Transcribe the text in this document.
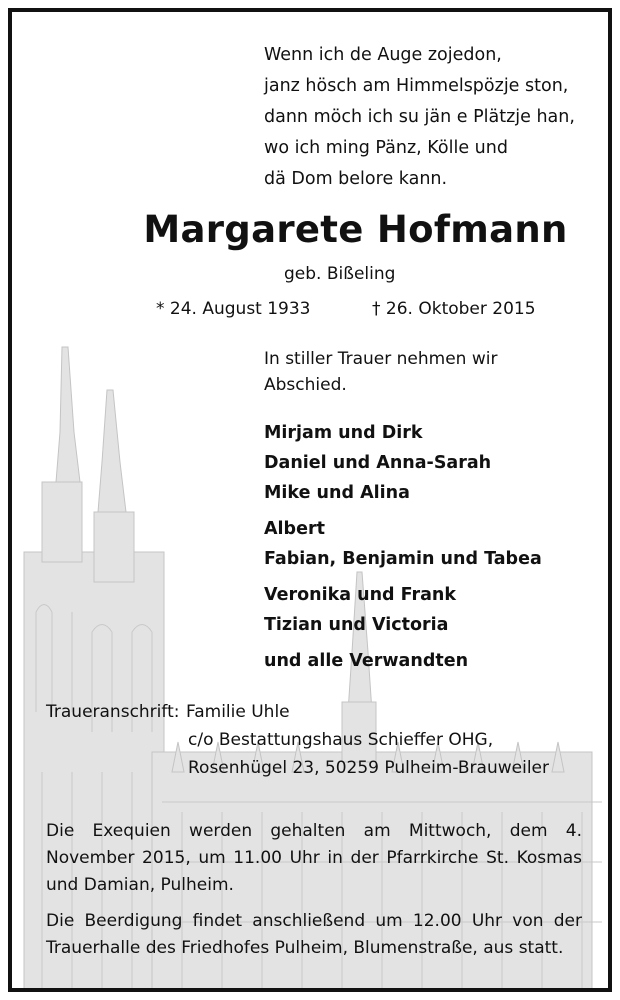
Wenn ich de Auge zojedon,
janz hösch am Himmelspözje ston,
dann möch ich su jän e Plätzje han,
wo ich ming Pänz, Kölle und
dä Dom belore kann.
Margarete Hofmann
geb. Bißeling
* 24. August 1933	† 26. Oktober 2015
In stiller Trauer nehmen wir Abschied.
Mirjam und Dirk
Daniel und Anna-Sarah
Mike und Alina
Albert
Fabian, Benjamin und Tabea
Veronika und Frank
Tizian und Victoria
und alle Verwandten
Traueranschrift: Familie Uhle
c/o Bestattungshaus Schieffer OHG,
Rosenhügel 23, 50259 Pulheim-Brauweiler
Die Exequien werden gehalten am Mittwoch, dem 4. November 2015, um 11.00 Uhr in der Pfarrkirche St. Kosmas und Damian, Pulheim.
Die Beerdigung findet anschließend um 12.00 Uhr von der Trauerhalle des Friedhofes Pulheim, Blumenstraße, aus statt.
